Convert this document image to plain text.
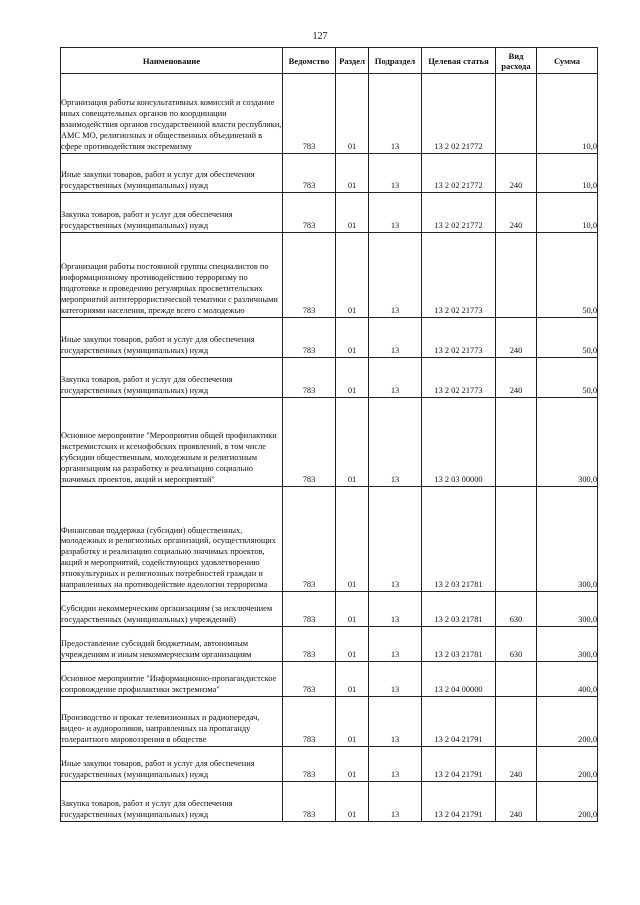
127
Наименование	Ведомство	Раздел	Подраздел	Целевая статья	Вид расхода	Сумма
Организация работы консультативных комиссий и создание иных совещательных органов по координации взаимодействия органов государственной власти республики, АМС МО, религиозных и общественных объединений в сфере противодействия экстремизму	783	01	13	13 2 02 21772		10,0
Иные закупки товаров, работ и услуг для обеспечения государственных (муниципальных) нужд	783	01	13	13 2 02 21772	240	10,0
Закупка товаров, работ и услуг для обеспечения государственных (муниципальных) нужд	783	01	13	13 2 02 21772	240	10,0
Организация работы постоянной группы специалистов по информационному противодействию терроризму по подготовке и проведению регулярных просветительских мероприятий антитеррористической тематики с различными категориями населения, прежде всего с молодежью	783	01	13	13 2 02 21773		50,0
Иные закупки товаров, работ и услуг для обеспечения государственных (муниципальных) нужд	783	01	13	13 2 02 21773	240	50,0
Закупка товаров, работ и услуг для обеспечения государственных (муниципальных) нужд	783	01	13	13 2 02 21773	240	50,0
Основное мероприятие "Мероприятия общей профилактики экстремистских и ксенофобских проявлений, в том числе субсидии общественным, молодежным и религиозным организациям на разработку и реализацию социально значимых проектов, акций и мероприятий"	783	01	13	13 2 03 00000		300,0
Финансовая поддержка (субсидии) общественных, молодежных и религиозных организаций, осуществляющих разработку и реализацию социально значимых проектов, акций и мероприятий, содействующих удовлетворению этнокультурных и религиозных потребностей граждан и направленных на противодействие идеологии терроризма	783	01	13	13 2 03 21781		300,0
Субсидии некоммерческим организациям (за исключением государственных (муниципальных) учреждений)	783	01	13	13 2 03 21781	630	300,0
Предоставление субсидий бюджетным, автономным учреждениям и иным некоммерческим организациям	783	01	13	13 2 03 21781	630	300,0
Основное мероприятие "Информационно-пропагандистское сопровождение профилактики экстремизма"	783	01	13	13 2 04 00000		400,0
Производство и прокат телевизионных и радиопередач, видео- и аудиороликов, направленных на пропаганду толерантного мировоззрения в обществе	783	01	13	13 2 04 21791		200,0
Иные закупки товаров, работ и услуг для обеспечения государственных (муниципальных) нужд	783	01	13	13 2 04 21791	240	200,0
Закупка товаров, работ и услуг для обеспечения государственных (муниципальных) нужд	783	01	13	13 2 04 21791	240	200,0
